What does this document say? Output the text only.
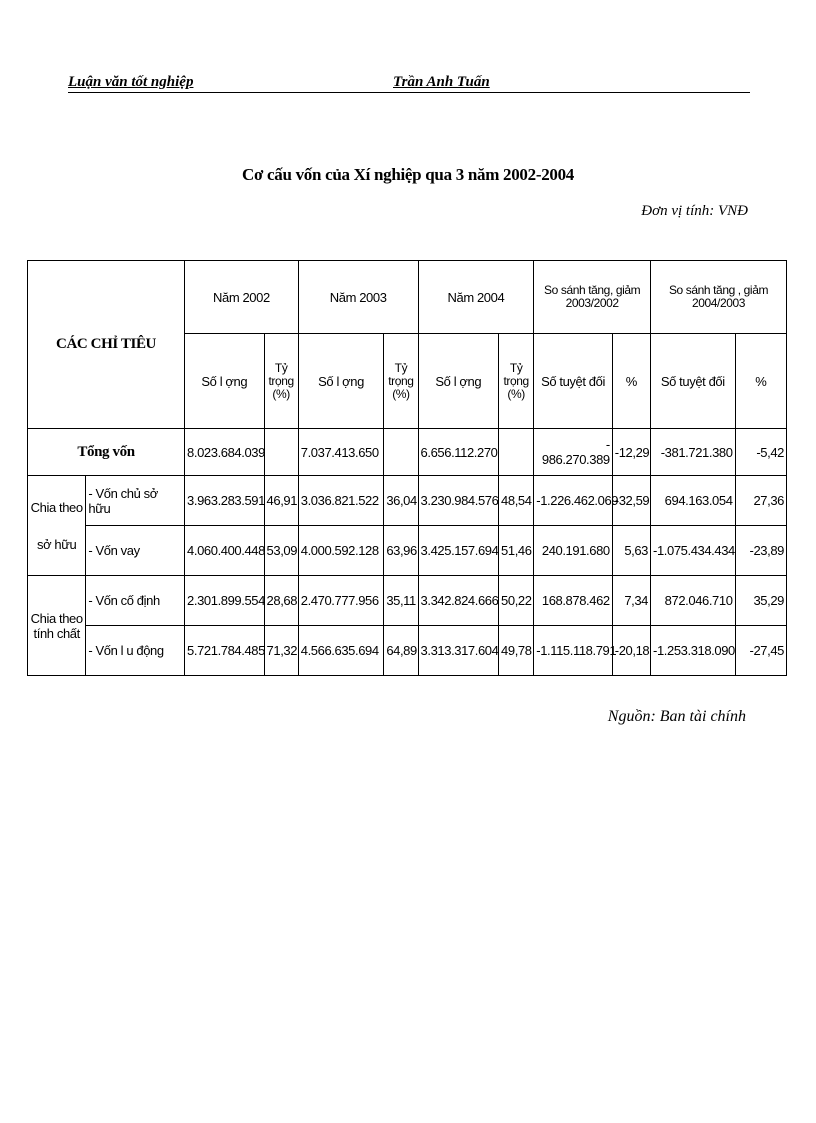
Luận văn tốt nghiệp	Trần Anh Tuấn
Cơ cấu vốn của Xí nghiệp qua 3 năm 2002-2004
Đơn vị tính: VNĐ
CÁC CHỈ TIÊU		Năm 2002		Năm 2003		Năm 2004		So sánh tăng, giảm 2003/2002		So sánh tăng , giảm 2004/2003	
		Số l ợng	Tỷ trọng (%)	Số l ợng	Tỷ trọng (%)	Số l ợng	Tỷ trọng (%)	Số tuyệt đối	%	Số tuyệt đối	%
Tổng vốn		8.023.684.039		7.037.413.650		6.656.112.270		- 986.270.389	-12,29	-381.721.380	-5,42

Chia theo
sở hữu	- Vốn chủ sở hữu	3.963.283.591	46,91	3.036.821.522	36,04	3.230.984.576	48,54	-1.226.462.069	-32,59	694.163.054	27,36
	- Vốn vay	4.060.400.448	53,09	4.000.592.128	63,96	3.425.157.694	51,46	240.191.680	5,63	-1.075.434.434	-23,89

Chia theo
tính chất	- Vốn cố định	2.301.899.554	28,68	2.470.777.956	35,11	3.342.824.666	50,22	168.878.462	7,34	872.046.710	35,29
	- Vốn l u động	5.721.784.485	71,32	4.566.635.694	64,89	3.313.317.604	49,78	-1.115.118.791	-20,18	-1.253.318.090	-27,45
Nguồn: Ban tài chính
